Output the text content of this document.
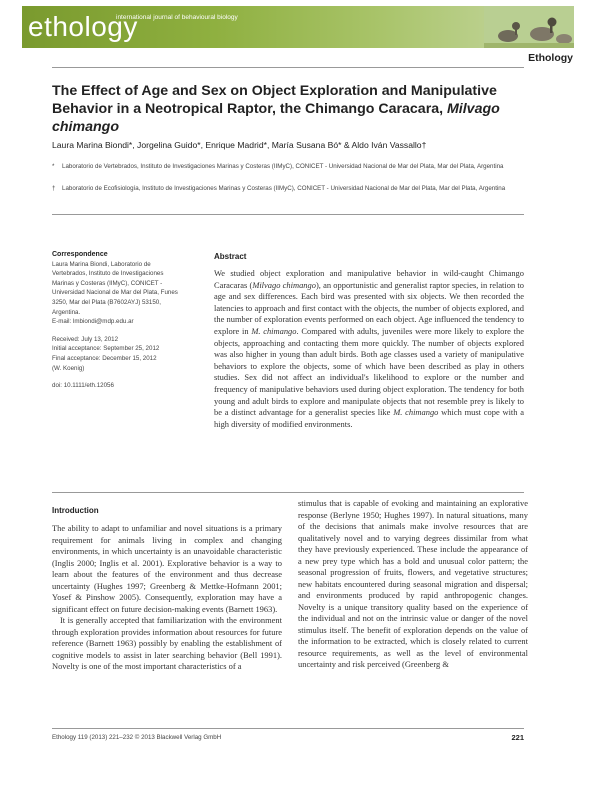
ethology
international journal of behavioural biology
Ethology
The Effect of Age and Sex on Object Exploration and Manipulative Behavior in a Neotropical Raptor, the Chimango Caracara, Milvago chimango
Laura Marina Biondi*, Jorgelina Guido*, Enrique Madrid*, María Susana Bó* & Aldo Iván Vassallo†
* Laboratorio de Vertebrados, Instituto de Investigaciones Marinas y Costeras (IIMyC), CONICET - Universidad Nacional de Mar del Plata, Mar del Plata, Argentina
† Laboratorio de Ecofisiología, Instituto de Investigaciones Marinas y Costeras (IIMyC), CONICET - Universidad Nacional de Mar del Plata, Mar del Plata, Argentina
Correspondence
Laura Marina Biondi, Laboratorio de
Vertebrados, Instituto de Investigaciones
Marinas y Costeras (IIMyC), CONICET -
Universidad Nacional de Mar del Plata, Funes
3250, Mar del Plata (B7602AYJ) 53150,
Argentina.
E-mail: lmbiondi@mdp.edu.ar
Received: July 13, 2012
Initial acceptance: September 25, 2012
Final acceptance: December 15, 2012
(W. Koenig)
doi: 10.1111/eth.12056
Abstract

We studied object exploration and manipulative behavior in wild-caught Chimango Caracaras (Milvago chimango), an opportunistic and generalist raptor species, in relation to age and sex differences. Each bird was presented with six objects. We then recorded the latencies to approach and first contact with the objects, the number of objects explored, and the number of exploration events performed on each object. Age influenced the tendency to explore in M. chimango. Compared with adults, juveniles were more likely to explore the objects, approaching and contacting them more quickly. The number of objects explored was also higher in young than adult birds. Both age classes used a variety of manipulative behaviors to explore the objects, some of which have been described as play in others studies. Sex did not affect an individual's likelihood to explore or the number and frequency of manipulative behaviors used during object exploration. The tendency for both young and adult birds to explore and manipulate objects that not resemble prey is likely to be a distinct advantage for a generalist species like M. chimango which must cope with a high diversity of modified environments.

Introduction

The ability to adapt to unfamiliar and novel situations is a primary requirement for animals living in complex and changing environments, in which uncertainty is an unavoidable characteristic (Inglis 2000; Inglis et al. 2001). Explorative behavior is a way to learn about the features of the environment and thus decrease uncertainty (Hughes 1997; Greenberg & Mettke-Hofmann 2001; Yosef & Pinshow 2005). Consequently, exploration may have a significant effect on future decision-making events (Barnett 1963).

It is generally accepted that familiarization with the environment through exploration provides information about resources for future reference (Barnett 1963) possibly by enabling the establishment of cognitive models to assist in later searching behavior (Bell 1991). Novelty is one of the most important characteristics of a

stimulus that is capable of evoking and maintaining an explorative response (Berlyne 1950; Hughes 1997). In natural situations, many of the decisions that animals make involve resources that are qualitatively novel and to varying degrees dissimilar from what they have previously experienced. These include the appearance of a new prey type which has a bold and unusual color pattern; the seasonal progression of fruits, flowers, and vegetative structures; new habitats encountered during seasonal migration and dispersal; and environments produced by rapid anthropogenic changes. Novelty is a unique transitory quality based on the experience of the individual and not on the intrinsic value or danger of the novel stimulus itself. The benefit of exploration depends on the value of the information to be extracted, which is closely related to current resource requirements, as well as the level of environmental uncertainty and risk perceived (Greenberg &

Ethology 119 (2013) 221–232 © 2013 Blackwell Verlag GmbH	221
